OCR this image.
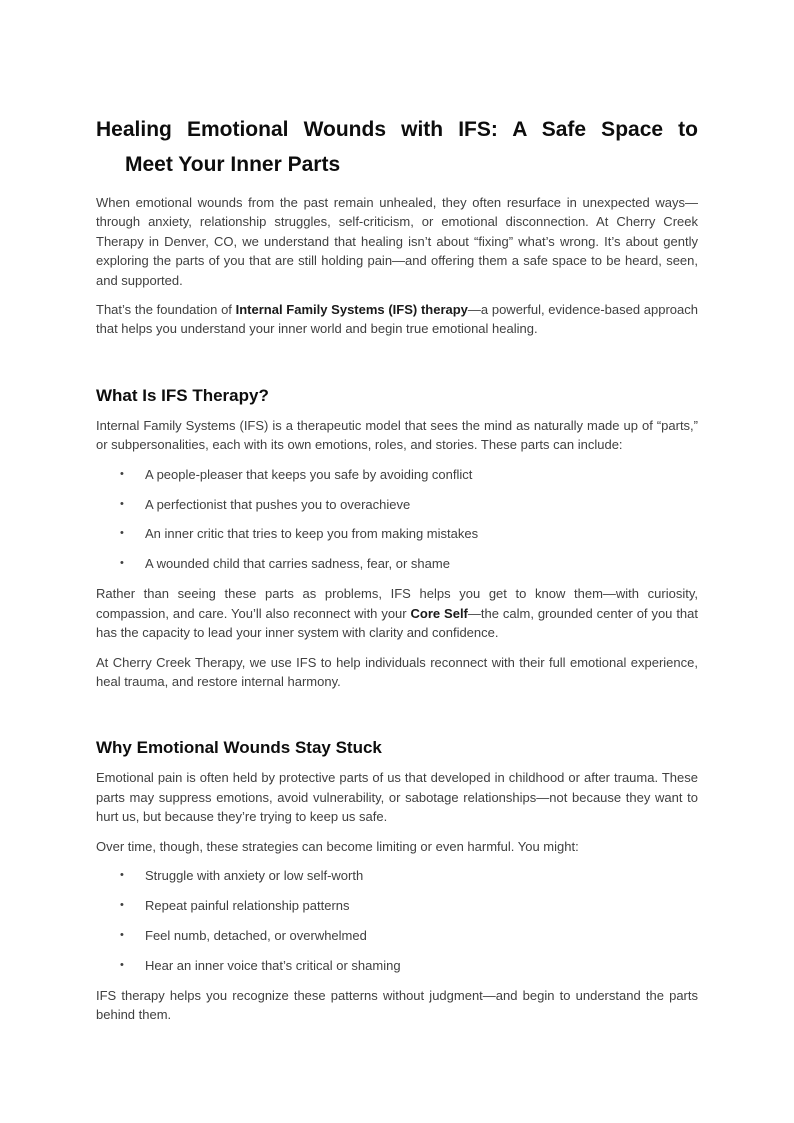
Healing Emotional Wounds with IFS: A Safe Space to
Meet Your Inner Parts

When emotional wounds from the past remain unhealed, they often resurface in unexpected ways—through anxiety, relationship struggles, self-criticism, or emotional disconnection. At Cherry Creek Therapy in Denver, CO, we understand that healing isn’t about “fixing” what’s wrong. It’s about gently exploring the parts of you that are still holding pain—and offering them a safe space to be heard, seen, and supported.

That’s the foundation of Internal Family Systems (IFS) therapy—a powerful, evidence-based approach that helps you understand your inner world and begin true emotional healing.

What Is IFS Therapy?

Internal Family Systems (IFS) is a therapeutic model that sees the mind as naturally made up of “parts,” or subpersonalities, each with its own emotions, roles, and stories. These parts can include:

•	A people-pleaser that keeps you safe by avoiding conflict
•	A perfectionist that pushes you to overachieve
•	An inner critic that tries to keep you from making mistakes
•	A wounded child that carries sadness, fear, or shame

Rather than seeing these parts as problems, IFS helps you get to know them—with curiosity, compassion, and care. You’ll also reconnect with your Core Self—the calm, grounded center of you that has the capacity to lead your inner system with clarity and confidence.

At Cherry Creek Therapy, we use IFS to help individuals reconnect with their full emotional experience, heal trauma, and restore internal harmony.

Why Emotional Wounds Stay Stuck

Emotional pain is often held by protective parts of us that developed in childhood or after trauma. These parts may suppress emotions, avoid vulnerability, or sabotage relationships—not because they want to hurt us, but because they’re trying to keep us safe.

Over time, though, these strategies can become limiting or even harmful. You might:

•	Struggle with anxiety or low self-worth
•	Repeat painful relationship patterns
•	Feel numb, detached, or overwhelmed
•	Hear an inner voice that’s critical or shaming

IFS therapy helps you recognize these patterns without judgment—and begin to understand the parts behind them.
